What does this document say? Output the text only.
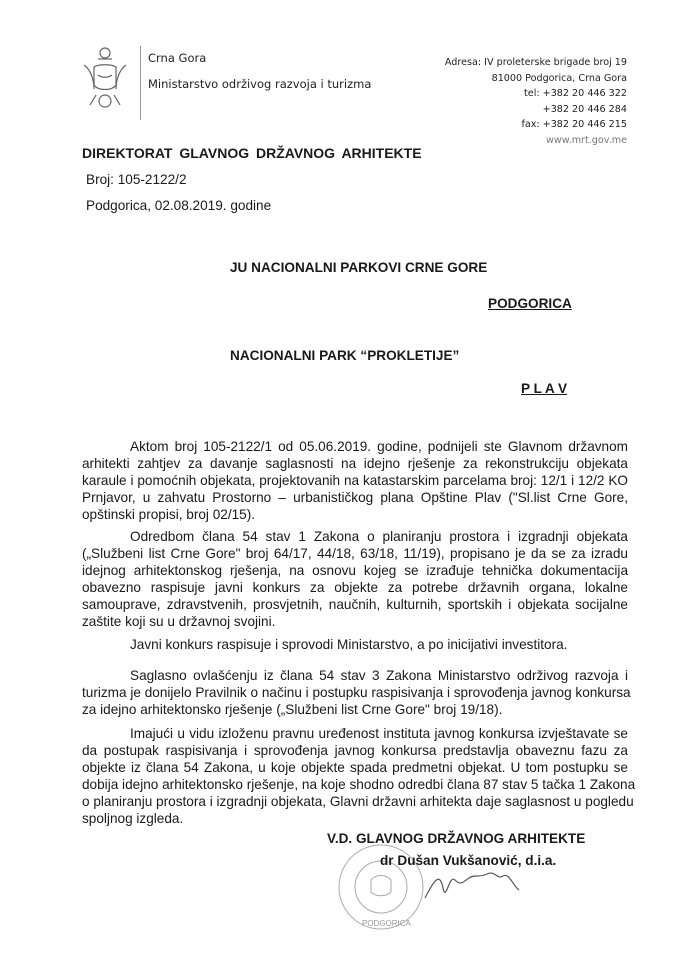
Crna Gora
Ministarstvo održivog razvoja i turizma
Adresa: IV proleterske brigade broj 19
81000 Podgorica, Crna Gora
tel: +382 20 446 322
+382 20 446 284
fax: +382 20 446 215
www.mrt.gov.me
DIREKTORAT GLAVNOG DRŽAVNOG ARHITEKTE
Broj: 105-2122/2
Podgorica, 02.08.2019. godine
JU NACIONALNI PARKOVI CRNE GORE
PODGORICA
NACIONALNI PARK “PROKLETIJE”
P L A V
Aktom broj 105-2122/1 od 05.06.2019. godine, podnijeli ste Glavnom državnom
arhitekti zahtjev za davanje saglasnosti na idejno rješenje za rekonstrukciju objekata
karaule i pomoćnih objekata, projektovanih na katastarskim parcelama broj: 12/1 i 12/2 KO
Prnjavor, u zahvatu Prostorno – urbanističkog plana Opštine Plav ("Sl.list Crne Gore,
opštinski propisi, broj 02/15).
Odredbom člana 54 stav 1 Zakona o planiranju prostora i izgradnji objekata
(„Službeni list Crne Gore" broj 64/17, 44/18, 63/18, 11/19), propisano je da se za izradu
idejnog arhitektonskog rješenja, na osnovu kojeg se izrađuje tehnička dokumentacija
obavezno raspisuje javni konkurs za objekte za potrebe državnih organa, lokalne
samouprave, zdravstvenih, prosvjetnih, naučnih, kulturnih, sportskih i objekata socijalne
zaštite koji su u državnoj svojini.
Javni konkurs raspisuje i sprovodi Ministarstvo, a po inicijativi investitora.
Saglasno ovlašćenju iz člana 54 stav 3 Zakona Ministarstvo održivog razvoja i
turizma je donijelo Pravilnik o načinu i postupku raspisivanja i sprovođenja javnog konkursa
za idejno arhitektonsko rješenje („Službeni list Crne Gore" broj 19/18).
Imajući u vidu izloženu pravnu uređenost instituta javnog konkursa izvještavate se
da postupak raspisivanja i sprovođenja javnog konkursa predstavlja obaveznu fazu za
objekte iz člana 54 Zakona, u koje objekte spada predmetni objekat. U tom postupku se
dobija idejno arhitektonsko rješenje, na koje shodno odredbi člana 87 stav 5 tačka 1 Zakona
o planiranju prostora i izgradnji objekata, Glavni državni arhitekta daje saglasnost u pogledu
spoljnog izgleda.
PODGORICA
V.D. GLAVNOG DRŽAVNOG ARHITEKTE
dr Dušan Vukšanović, d.i.a.
